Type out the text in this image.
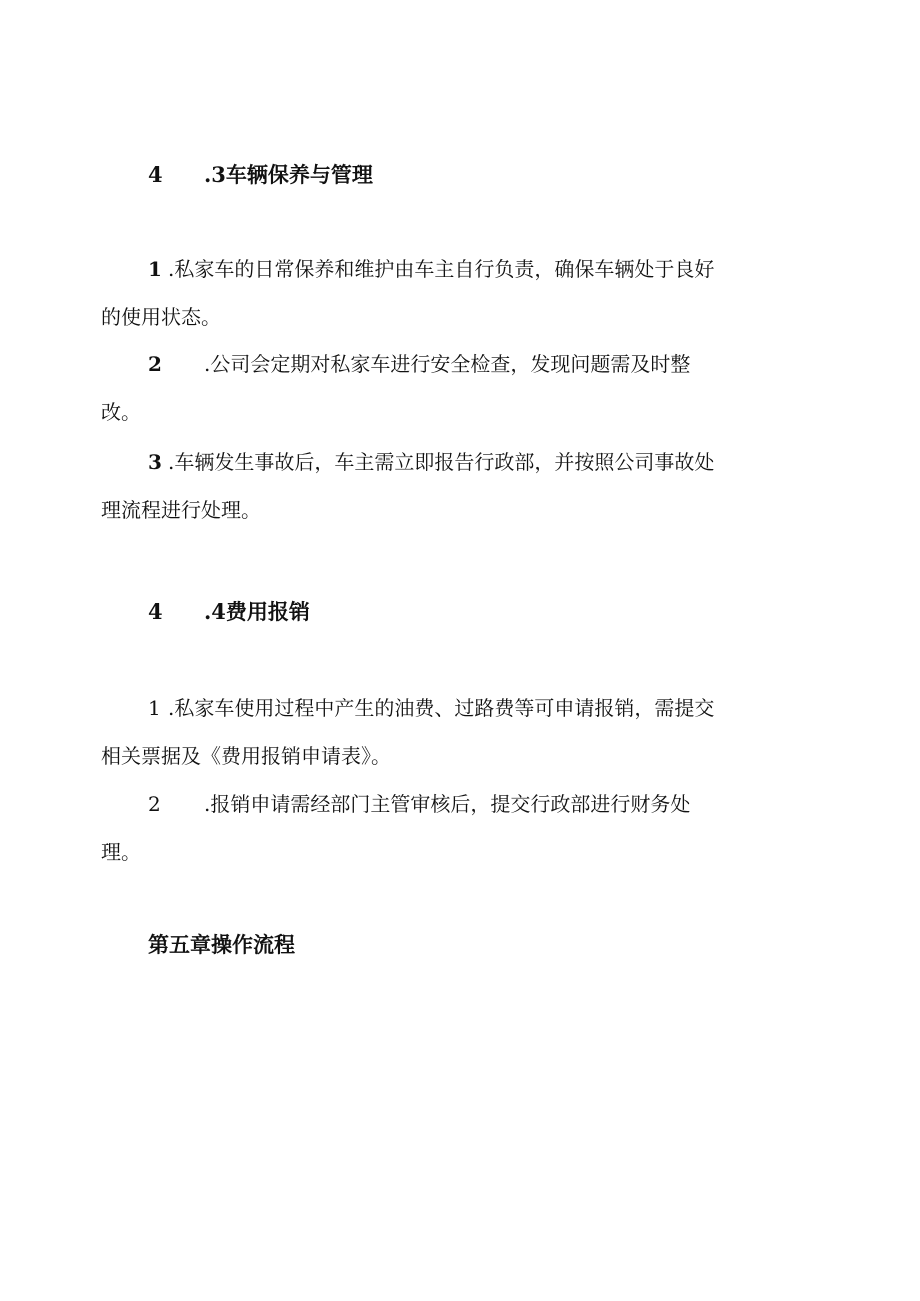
4 .3车辆保养与管理
1 .私家车的日常保养和维护由车主自行负责，确保车辆处于良好
的使用状态。
2 .公司会定期对私家车进行安全检查，发现问题需及时整
改。
3 .车辆发生事故后，车主需立即报告行政部，并按照公司事故处
理流程进行处理。
4 .4费用报销
1 .私家车使用过程中产生的油费、过路费等可申请报销，需提交
相关票据及《费用报销申请表》。
2 .报销申请需经部门主管审核后，提交行政部进行财务处
理。
第五章操作流程
